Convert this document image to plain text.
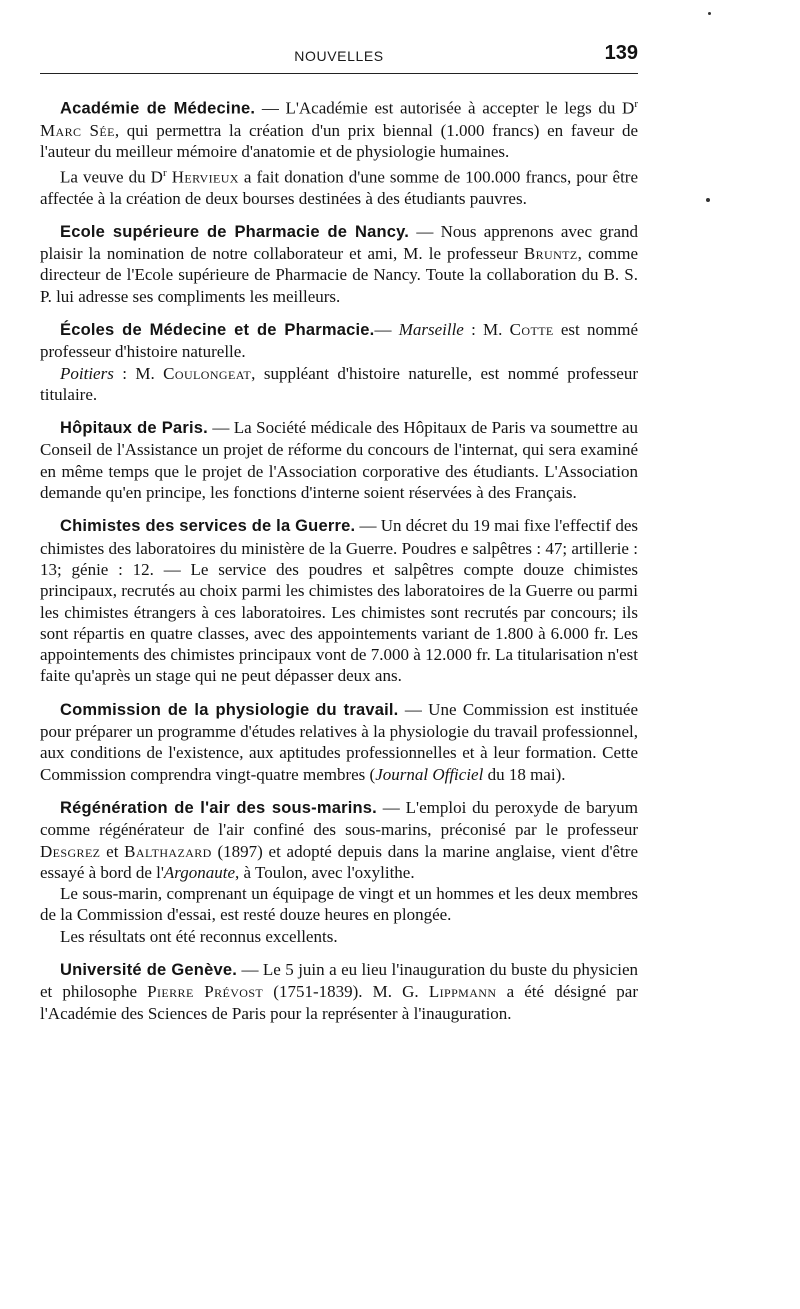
NOUVELLES	139

Académie de Médecine. — L'Académie est autorisée à accepter le legs du $D^r$ Marc Sée, qui permettra la création d'un prix biennal (1.000 francs) en faveur de l'auteur du meilleur mémoire d'anatomie et de physiologie humaines.

La veuve du $D^r$ Hervieux a fait donation d'une somme de 100.000 francs, pour être affectée à la création de deux bourses destinées à des étudiants pauvres.

Ecole supérieure de Pharmacie de Nancy. — Nous apprenons avec grand plaisir la nomination de notre collaborateur et ami, M. le professeur Bruntz, comme directeur de l'Ecole supérieure de Pharmacie de Nancy. Toute la collaboration du B. S. P. lui adresse ses compliments les meilleurs.

Écoles de Médecine et de Pharmacie.— Marseille : M. Cotte est nommé professeur d'histoire naturelle.

Poitiers : M. Coulongeat, suppléant d'histoire naturelle, est nommé professeur titulaire.

Hôpitaux de Paris. — La Société médicale des Hôpitaux de Paris va soumettre au Conseil de l'Assistance un projet de réforme du concours de l'internat, qui sera examiné en même temps que le projet de l'Association corporative des étudiants. L'Association demande qu'en principe, les fonctions d'interne soient réservées à des Français.

Chimistes des services de la Guerre. — Un décret du 19 mai fixe l'effectif des chimistes des laboratoires du ministère de la Guerre. Poudres e salpêtres : 47; artillerie : 13; génie : 12. — Le service des poudres et salpêtres compte douze chimistes principaux, recrutés au choix parmi les chimistes des laboratoires de la Guerre ou parmi les chimistes étrangers à ces laboratoires. Les chimistes sont recrutés par concours; ils sont répartis en quatre classes, avec des appointements variant de 1.800 à 6.000 fr. Les appointements des chimistes principaux vont de 7.000 à 12.000 fr. La titularisation n'est faite qu'après un stage qui ne peut dépasser deux ans.

Commission de la physiologie du travail. — Une Commission est instituée pour préparer un programme d'études relatives à la physiologie du travail professionnel, aux conditions de l'existence, aux aptitudes professionnelles et à leur formation. Cette Commission comprendra vingt-quatre membres (Journal Officiel du 18 mai).

Régénération de l'air des sous-marins. — L'emploi du peroxyde de baryum comme régénérateur de l'air confiné des sous-marins, préconisé par le professeur Desgrez et Balthazard (1897) et adopté depuis dans la marine anglaise, vient d'être essayé à bord de l'Argonaute, à Toulon, avec l'oxylithe.

Le sous-marin, comprenant un équipage de vingt et un hommes et les deux membres de la Commission d'essai, est resté douze heures en plongée.

Les résultats ont été reconnus excellents.

Université de Genève. — Le 5 juin a eu lieu l'inauguration du buste du physicien et philosophe Pierre Prévost (1751-1839). M. G. Lippmann a été désigné par l'Académie des Sciences de Paris pour la représenter à l'inauguration.
